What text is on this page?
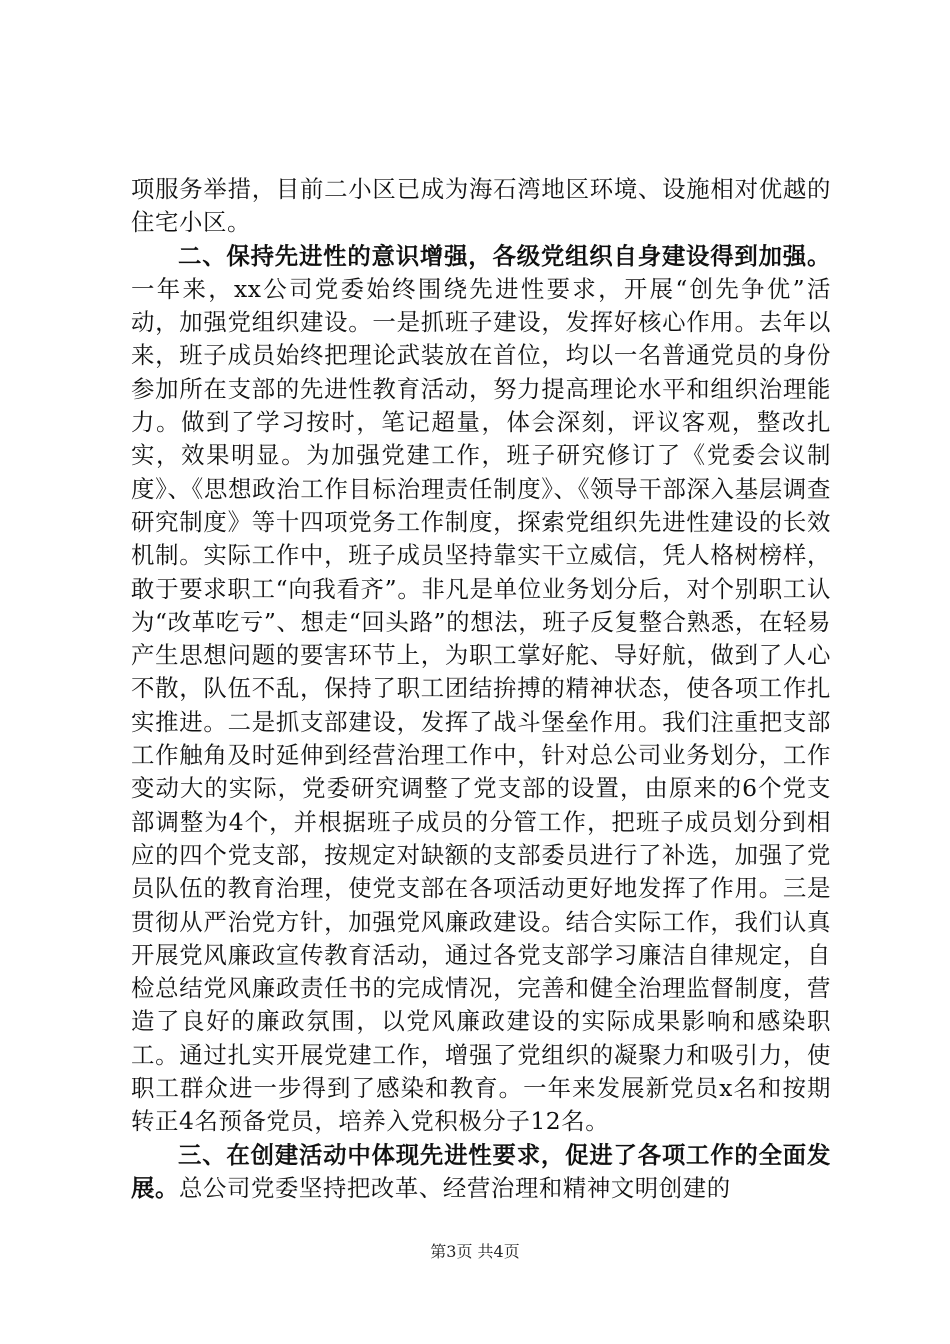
项服务举措，目前二小区已成为海石湾地区环境、设施相对优越的住宅小区。

二、保持先进性的意识增强，各级党组织自身建设得到加强。一年来，xx公司党委始终围绕先进性要求，开展“创先争优”活动，加强党组织建设。一是抓班子建设，发挥好核心作用。去年以来，班子成员始终把理论武装放在首位，均以一名普通党员的身份参加所在支部的先进性教育活动，努力提高理论水平和组织治理能力。做到了学习按时，笔记超量，体会深刻，评议客观，整改扎实，效果明显。为加强党建工作，班子研究修订了《党委会议制度》、《思想政治工作目标治理责任制度》、《领导干部深入基层调查研究制度》等十四项党务工作制度，探索党组织先进性建设的长效机制。实际工作中，班子成员坚持靠实干立威信，凭人格树榜样，敢于要求职工“向我看齐”。非凡是单位业务划分后，对个别职工认为“改革吃亏”、想走“回头路”的想法，班子反复整合熟悉，在轻易产生思想问题的要害环节上，为职工掌好舵、导好航，做到了人心不散，队伍不乱，保持了职工团结拚搏的精神状态，使各项工作扎实推进。二是抓支部建设，发挥了战斗堡垒作用。我们注重把支部工作触角及时延伸到经营治理工作中，针对总公司业务划分，工作变动大的实际，党委研究调整了党支部的设置，由原来的6个党支部调整为4个，并根据班子成员的分管工作，把班子成员划分到相应的四个党支部，按规定对缺额的支部委员进行了补选，加强了党员队伍的教育治理，使党支部在各项活动更好地发挥了作用。三是贯彻从严治党方针，加强党风廉政建设。结合实际工作，我们认真开展党风廉政宣传教育活动，通过各党支部学习廉洁自律规定，自检总结党风廉政责任书的完成情况，完善和健全治理监督制度，营造了良好的廉政氛围，以党风廉政建设的实际成果影响和感染职工。通过扎实开展党建工作，增强了党组织的凝聚力和吸引力，使职工群众进一步得到了感染和教育。一年来发展新党员x名和按期转正4名预备党员，培养入党积极分子12名。

三、在创建活动中体现先进性要求，促进了各项工作的全面发展。总公司党委坚持把改革、经营治理和精神文明创建的

第3页 共4页
